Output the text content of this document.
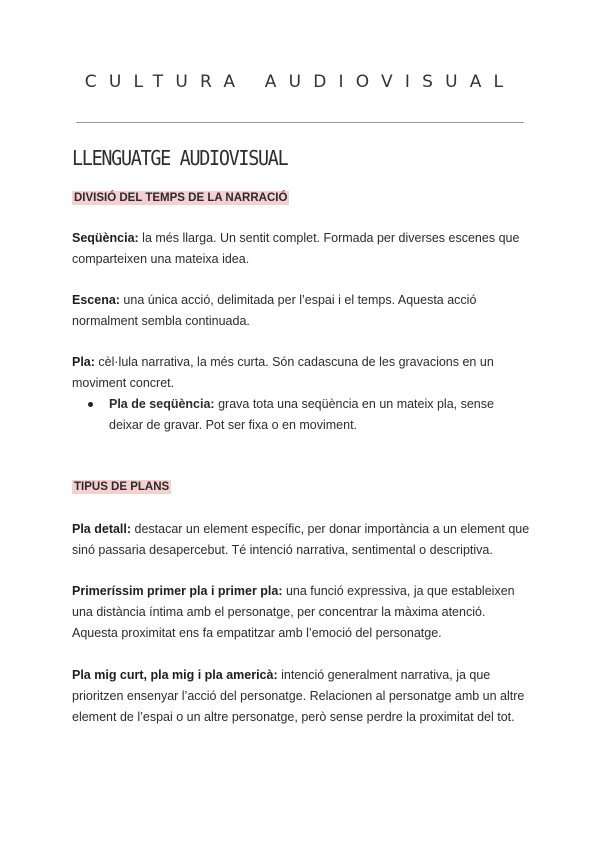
CULTURA AUDIOVISUAL
LLENGUATGE AUDIOVISUAL
DIVISIÓ DEL TEMPS DE LA NARRACIÓ
Seqüència: la més llarga. Un sentit complet. Formada per diverses escenes que comparteixen una mateixa idea.
Escena: una única acció, delimitada per l’espai i el temps. Aquesta acció normalment sembla continuada.
Pla: cèl·lula narrativa, la més curta. Són cadascuna de les gravacions en un moviment concret.
Pla de seqüència: grava tota una seqüència en un mateix pla, sense deixar de gravar. Pot ser fixa o en moviment.
TIPUS DE PLANS
Pla detall: destacar un element específic, per donar importància a un element que sinó passaria desapercebut. Té intenció narrativa, sentimental o descriptiva.
Primeríssim primer pla i primer pla: una funció expressiva, ja que estableixen una distància íntima amb el personatge, per concentrar la màxima atenció. Aquesta proximitat ens fa empatitzar amb l’emoció del personatge.
Pla mig curt, pla mig i pla americà: intenció generalment narrativa, ja que prioritzen ensenyar l’acció del personatge. Relacionen al personatge amb un altre element de l’espai o un altre personatge, però sense perdre la proximitat del tot.
